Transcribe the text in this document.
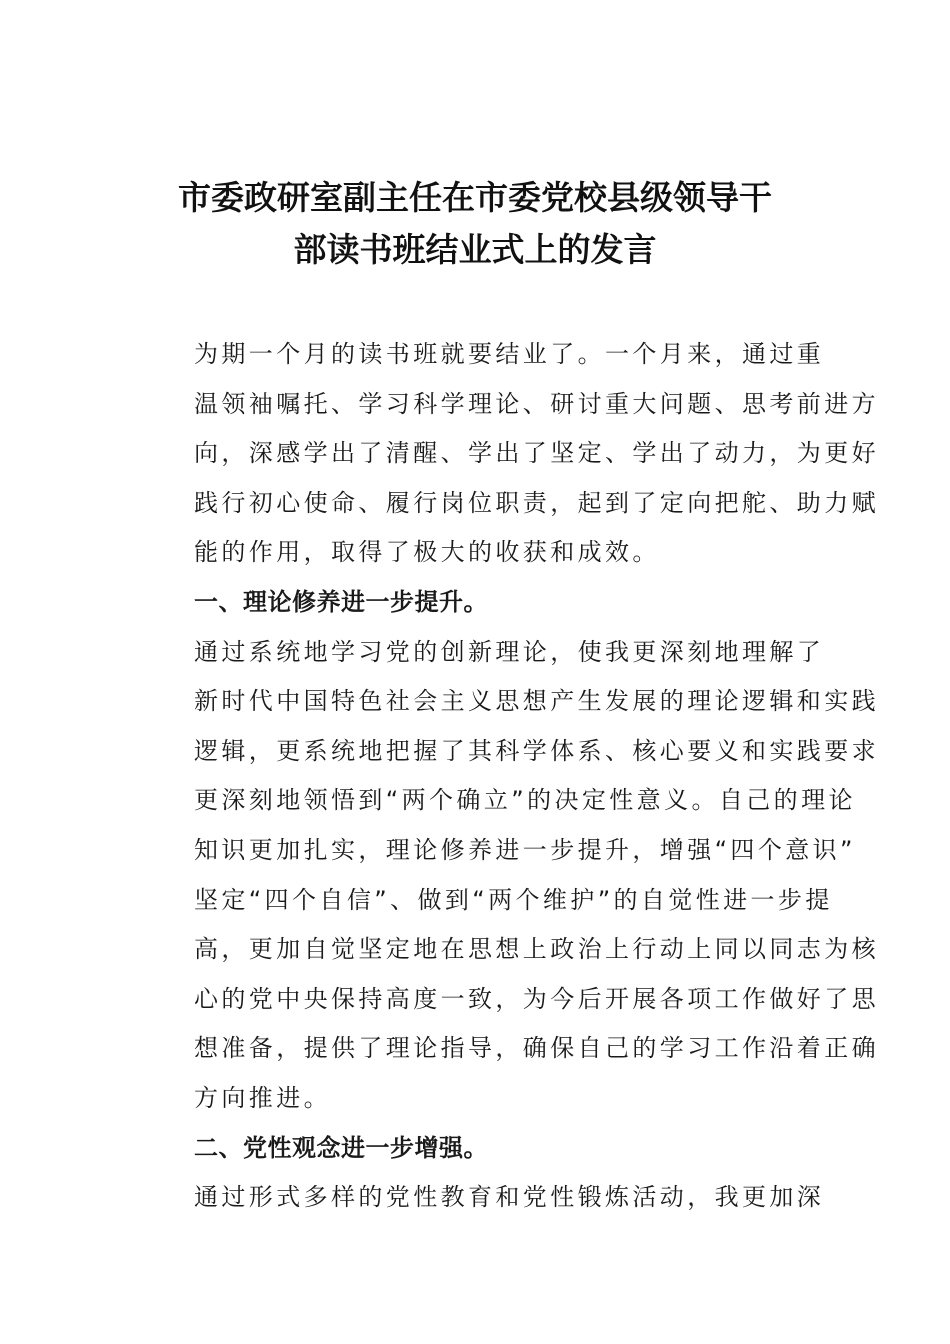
市委政研室副主任在市委党校县级领导干
部读书班结业式上的发言

为期一个月的读书班就要结业了。一个月来，通过重
温领袖嘱托、学习科学理论、研讨重大问题、思考前进方
向，深感学出了清醒、学出了坚定、学出了动力，为更好
践行初心使命、履行岗位职责，起到了定向把舵、助力赋
能的作用，取得了极大的收获和成效。

一、理论修养进一步提升。

通过系统地学习党的创新理论，使我更深刻地理解了
新时代中国特色社会主义思想产生发展的理论逻辑和实践
逻辑，更系统地把握了其科学体系、核心要义和实践要求
更深刻地领悟到“两个确立”的决定性意义。自己的理论
知识更加扎实，理论修养进一步提升，增强“四个意识”
坚定“四个自信”、做到“两个维护”的自觉性进一步提
高，更加自觉坚定地在思想上政治上行动上同以同志为核
心的党中央保持高度一致，为今后开展各项工作做好了思
想准备，提供了理论指导，确保自己的学习工作沿着正确
方向推进。

二、党性观念进一步增强。

通过形式多样的党性教育和党性锻炼活动，我更加深
